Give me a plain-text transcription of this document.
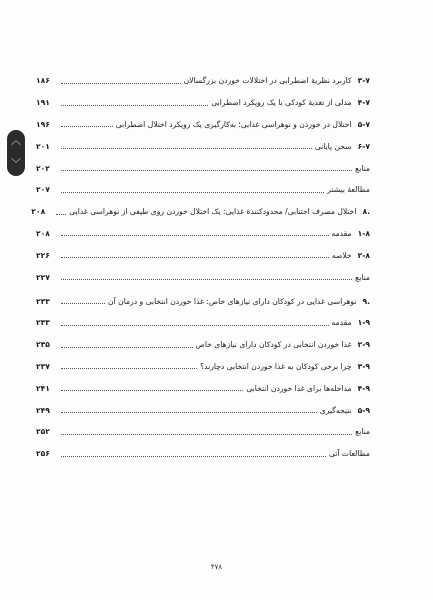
︿
﹀
۳-۷
کاربرد نظریهٔ اضطرابی در اختلالات خوردن بزرگسالان
۱۸۶
۴-۷
مدلی از تغذیهٔ کودکی با یک رویکرد اضطرابی
۱۹۱
۵-۷
اختلال در خوردن و نوهراسی غذایی؛ به‌کارگیری یک رویکرد اختلال اضطرابی
۱۹۶
۶-۷
سخن پایانی
۲۰۱
منابع
۲۰۲
مطالعهٔ بیشتر
۲۰۷
۸.
اختلال مصرف اجتنابی/ محدودکنندهٔ غذایی: یک اختلال خوردن روی طیفی از نوهراسی غذایی
۲۰۸
۱-۸
مقدمه
۲۰۸
۲-۸
خلاصه
۲۲۶
منابع
۲۲۷
۹.
نوهراسی غذایی در کودکان دارای نیازهای خاص: غذا خوردن انتخابی و درمان آن
۲۳۳
۱-۹
مقدمه
۲۳۳
۲-۹
غذا خوردن انتخابی در کودکان دارای نیازهای خاص
۲۳۵
۳-۹
چرا برخی کودکان به غذا خوردن انتخابی دچارند؟
۲۳۷
۴-۹
مداخله‌ها برای غذا خوردن انتخابی
۲۴۱
۵-۹
نتیجه‌گیری
۲۴۹
منابع
۲۵۲
مطالعات آتی
۲۵۶
۴۷۸
